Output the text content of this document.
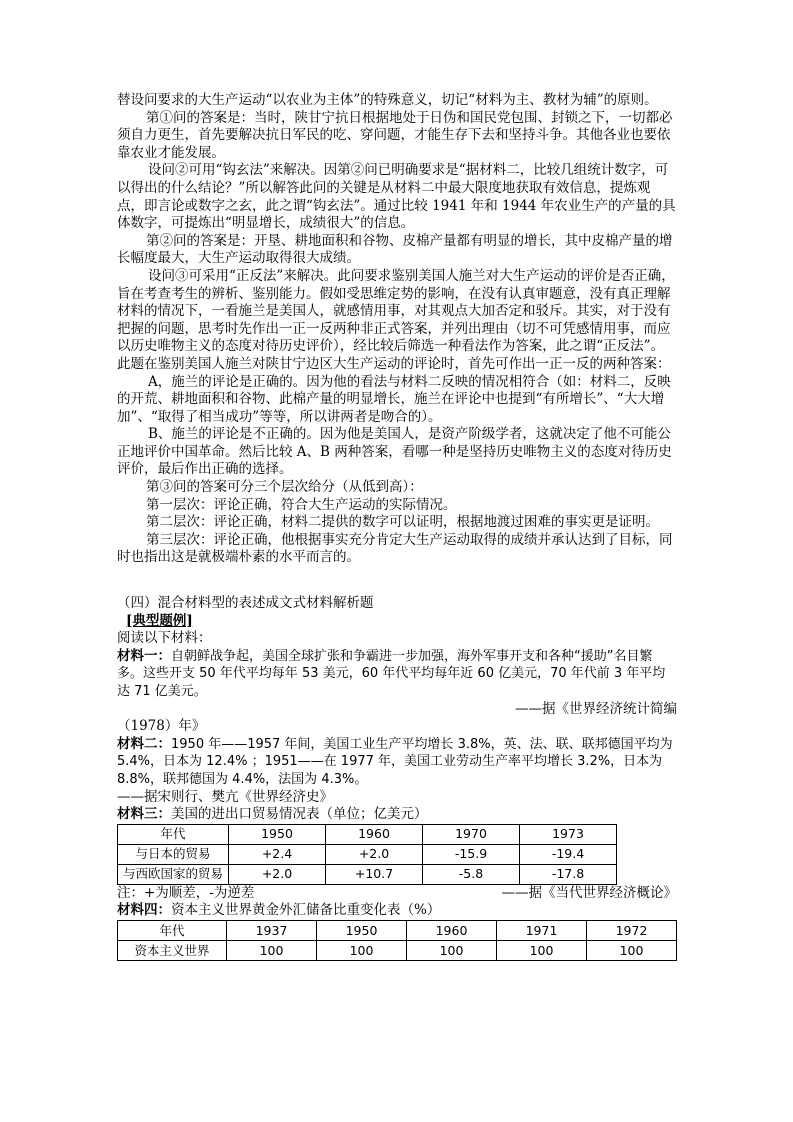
替设问要求的大生产运动“以农业为主体”的特殊意义，切记“材料为主、教材为辅”的原则。

第①问的答案是：当时，陕甘宁抗日根据地处于日伪和国民党包围、封锁之下，一切都必须自力更生，首先要解决抗日军民的吃、穿问题，才能生存下去和坚持斗争。其他各业也要依靠农业才能发展。

设问②可用“钩玄法”来解决。因第②问已明确要求是“据材料二，比较几组统计数字，可以得出的什么结论？”所以解答此问的关键是从材料二中最大限度地获取有效信息，提炼观点，即言论或数字之玄，此之谓“钩玄法”。通过比较 1941 年和 1944 年农业生产的产量的具体数字，可提炼出“明显增长，成绩很大”的信息。

第②问的答案是：开垦、耕地面积和谷物、皮棉产量都有明显的增长，其中皮棉产量的增长幅度最大，大生产运动取得很大成绩。

设问③可采用“正反法”来解决。此问要求鉴别美国人施兰对大生产运动的评价是否正确，旨在考查考生的辨析、鉴别能力。假如受思维定势的影响，在没有认真审题意，没有真正理解材料的情况下，一看施兰是美国人，就感情用事，对其观点大加否定和驳斥。其实，对于没有把握的问题，思考时先作出一正一反两种非正式答案，并列出理由（切不可凭感情用事，而应以历史唯物主义的态度对待历史评价），经比较后筛选一种看法作为答案，此之谓“正反法”。此题在鉴别美国人施兰对陕甘宁边区大生产运动的评论时，首先可作出一正一反的两种答案：

A，施兰的评论是正确的。因为他的看法与材料二反映的情况相符合（如：材料二，反映的开荒、耕地面积和谷物、此棉产量的明显增长，施兰在评论中也提到“有所增长”、“大大增加”、“取得了相当成功”等等，所以讲两者是吻合的）。

B、施兰的评论是不正确的。因为他是美国人，是资产阶级学者，这就决定了他不可能公正地评价中国革命。然后比较 A、B 两种答案，看哪一种是坚持历史唯物主义的态度对待历史评价，最后作出正确的选择。

第③问的答案可分三个层次给分（从低到高）：

第一层次：评论正确，符合大生产运动的实际情况。

第二层次：评论正确，材料二提供的数字可以证明，根据地渡过困难的事实更是证明。

第三层次：评论正确，他根据事实充分肯定大生产运动取得的成绩并承认达到了目标，同时也指出这是就极端朴素的水平而言的。

（四）混合材料型的表述成文式材料解析题

[典型题例]

阅读以下材料：

材料一：自朝鲜战争起，美国全球扩张和争霸进一步加强，海外军事开支和各种“援助”名目繁多。这些开支 50 年代平均每年 53 美元，60 年代平均每年近 60 亿美元，70 年代前 3 年平均达 71 亿美元。

——据《世界经济统计简编

（1978）年》

材料二：1950 年——1957 年间，美国工业生产平均增长 3.8%，英、法、联、联邦德国平均为 5.4%，日本为 12.4% ；1951——在 1977 年，美国工业劳动生产率平均增长 3.2%，日本为 8.8%，联邦德国为 4.4%，法国为 4.3%。

——据宋则行、樊亢《世界经济史》

材料三：美国的进出口贸易情况表（单位；亿美元）

年代	1950	1960	1970	1973
与日本的贸易	+2.4	+2.0	-15.9	-19.4
与西欧国家的贸易	+2.0	+10.7	-5.8	-17.8
注：+为顺差，-为逆差	——据《当代世界经济概论》

材料四：资本主义世界黄金外汇储备比重变化表（%）

年代	1937	1950	1960	1971	1972
资本主义世界	100	100	100	100	100
